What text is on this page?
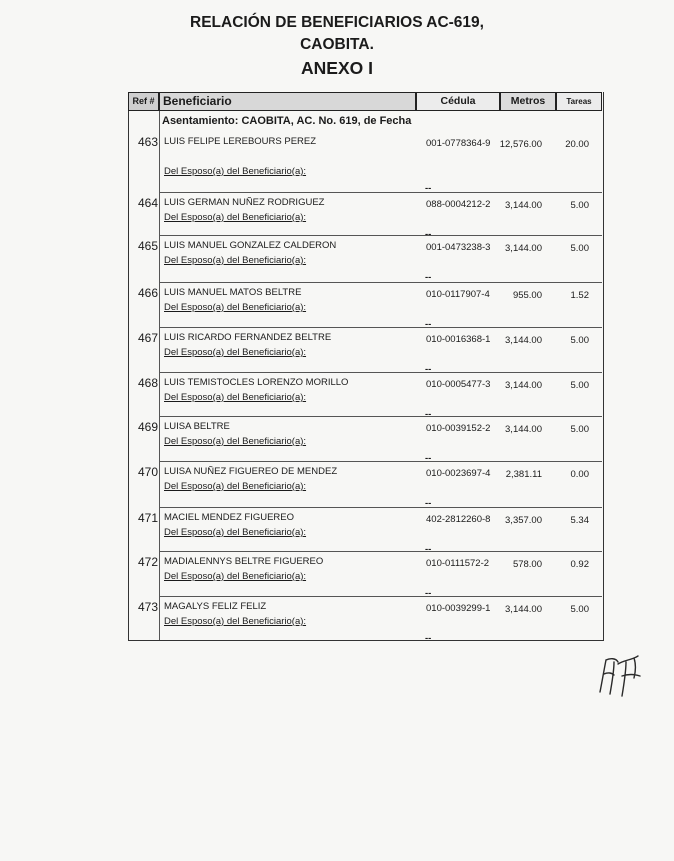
RELACIÓN DE BENEFICIARIOS AC-619,
CAOBITA.
ANEXO I
Ref # Beneficiario	Cédula	Metros	Tareas
Asentamiento: CAOBITA, AC. No. 619, de Fecha
463 LUIS FELIPE LEREBOURS PEREZ	001-0778364-9 12,576.00	20.00
Del Esposo(a) del Beneficiario(a):
--
464 LUIS GERMAN NUÑEZ RODRIGUEZ	088-0004212-2	3,144.00	5.00
Del Esposo(a) del Beneficiario(a):
--
465 LUIS MANUEL GONZALEZ CALDERON	001-0473238-3	3,144.00	5.00
Del Esposo(a) del Beneficiario(a):
--
466 LUIS MANUEL MATOS BELTRE	010-0117907-4	955.00	1.52
Del Esposo(a) del Beneficiario(a):
--
467 LUIS RICARDO FERNANDEZ BELTRE	010-0016368-1	3,144.00	5.00
Del Esposo(a) del Beneficiario(a):
--
468 LUIS TEMISTOCLES LORENZO MORILLO	010-0005477-3	3,144.00	5.00
Del Esposo(a) del Beneficiario(a):
--
469 LUISA BELTRE	010-0039152-2	3,144.00	5.00
Del Esposo(a) del Beneficiario(a):
--
470 LUISA NUÑEZ FIGUEREO DE MENDEZ	010-0023697-4	2,381.11	0.00
Del Esposo(a) del Beneficiario(a):
--
471 MACIEL MENDEZ FIGUEREO	402-2812260-8	3,357.00	5.34
Del Esposo(a) del Beneficiario(a):
--
472 MADIALENNYS BELTRE FIGUEREO	010-0111572-2	578.00	0.92
Del Esposo(a) del Beneficiario(a):
--
473 MAGALYS FELIZ FELIZ	010-0039299-1	3,144.00	5.00
Del Esposo(a) del Beneficiario(a):
--
